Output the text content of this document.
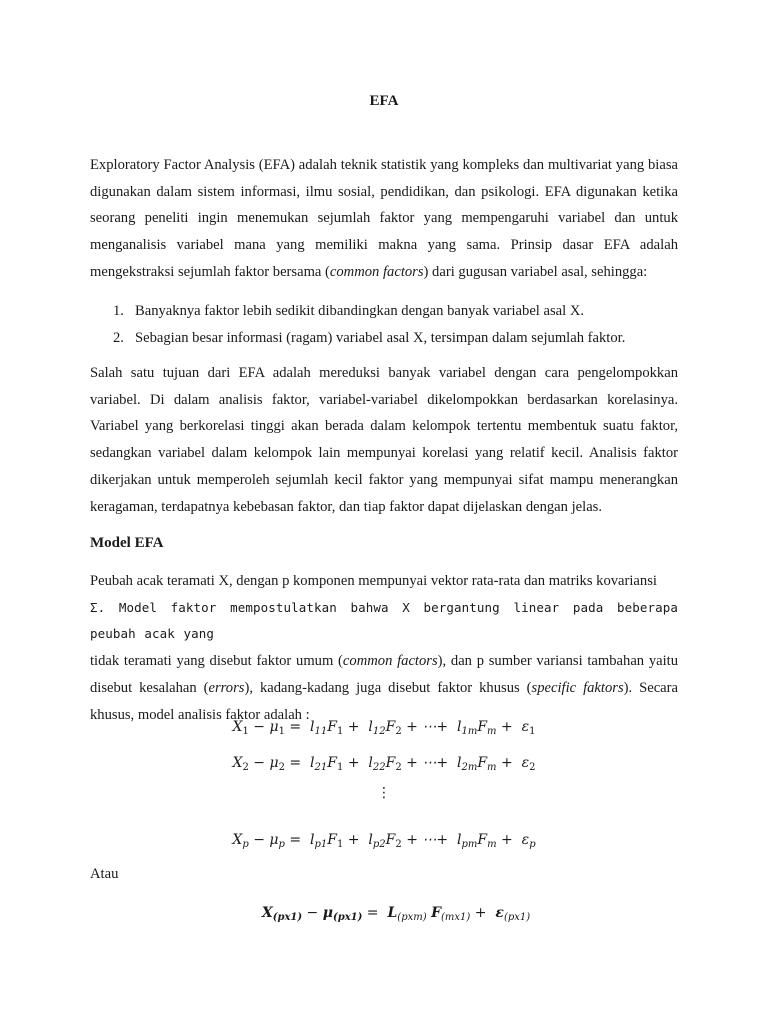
EFA
Exploratory Factor Analysis (EFA) adalah teknik statistik yang kompleks dan multivariat yang biasa digunakan dalam sistem informasi, ilmu sosial, pendidikan, dan psikologi. EFA digunakan ketika seorang peneliti ingin menemukan sejumlah faktor yang mempengaruhi variabel dan untuk menganalisis variabel mana yang memiliki makna yang sama. Prinsip dasar EFA adalah mengekstraksi sejumlah faktor bersama (common factors) dari gugusan variabel asal, sehingga:
1. Banyaknya faktor lebih sedikit dibandingkan dengan banyak variabel asal X.
2. Sebagian besar informasi (ragam) variabel asal X, tersimpan dalam sejumlah faktor.
Salah satu tujuan dari EFA adalah mereduksi banyak variabel dengan cara pengelompokkan variabel. Di dalam analisis faktor, variabel-variabel dikelompokkan berdasarkan korelasinya. Variabel yang berkorelasi tinggi akan berada dalam kelompok tertentu membentuk suatu faktor, sedangkan variabel dalam kelompok lain mempunyai korelasi yang relatif kecil. Analisis faktor dikerjakan untuk memperoleh sejumlah kecil faktor yang mempunyai sifat mampu menerangkan keragaman, terdapatnya kebebasan faktor, dan tiap faktor dapat dijelaskan dengan jelas.
Model EFA
Peubah acak teramati X, dengan p komponen mempunyai vektor rata-rata dan matriks kovariansi
Σ. Model faktor mempostulatkan bahwa X bergantung linear pada beberapa peubah acak yang
tidak teramati yang disebut faktor umum (common factors), dan p sumber variansi tambahan yaitu disebut kesalahan (errors), kadang-kadang juga disebut faktor khusus (specific faktors). Secara khusus, model analisis faktor adalah :
$X_1 - \mu_1 = l_{11}F_1 + l_{12}F_2$ + ⋯+  $l_{1m}F_m + \varepsilon_1$
$X_2 - \mu_2 = l_{21}F_1 + l_{22}F_2$ + ⋯+  $l_{2m}F_m + \varepsilon_2$
⋮
$X_p - \mu_p = l_{p1}F_1 + l_{p2}F_2$ + ⋯+  $l_{pm}F_m + \varepsilon_p$
Atau
$X_{(px1)} - \mu_{(px1)} = L_{(pxm)}$ $F_{(mx1)} + \varepsilon_{(px1)}$
